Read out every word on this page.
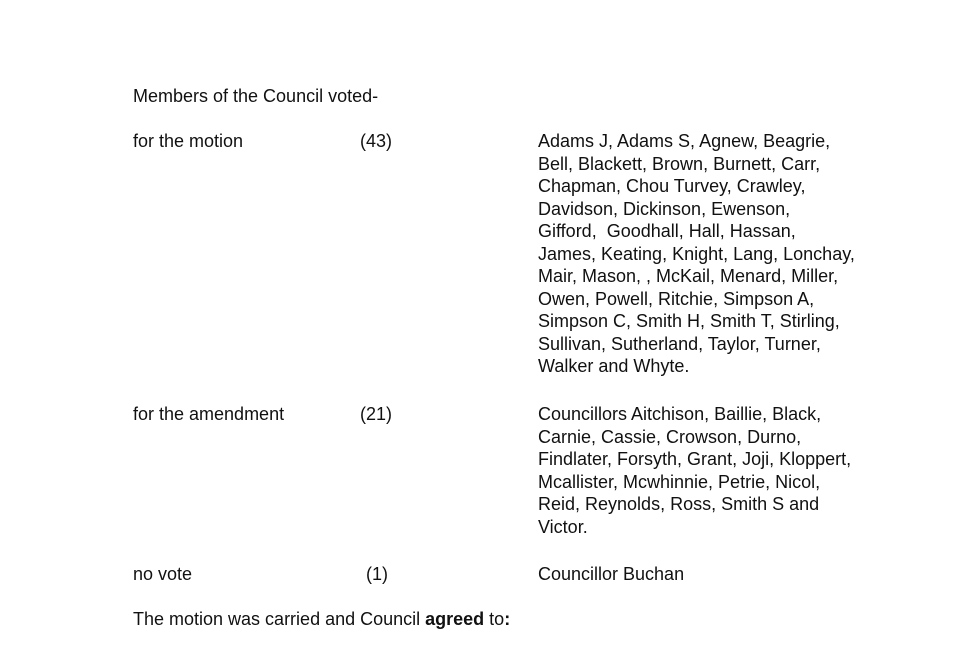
Members of the Council voted-
for the motion	(43)	Adams J, Adams S, Agnew, Beagrie,
Bell, Blackett, Brown, Burnett, Carr,
Chapman, Chou Turvey, Crawley,
Davidson, Dickinson, Ewenson,
Gifford,  Goodhall, Hall, Hassan,
James, Keating, Knight, Lang, Lonchay,
Mair, Mason, , McKail, Menard, Miller,
Owen, Powell, Ritchie, Simpson A,
Simpson C, Smith H, Smith T, Stirling,
Sullivan, Sutherland, Taylor, Turner,
Walker and Whyte.
for the amendment	(21)	Councillors Aitchison, Baillie, Black,
Carnie, Cassie, Crowson, Durno,
Findlater, Forsyth, Grant, Joji, Kloppert,
Mcallister, Mcwhinnie, Petrie, Nicol,
Reid, Reynolds, Ross, Smith S and
Victor.
no vote	(1)	Councillor Buchan
The motion was carried and Council agreed to:
